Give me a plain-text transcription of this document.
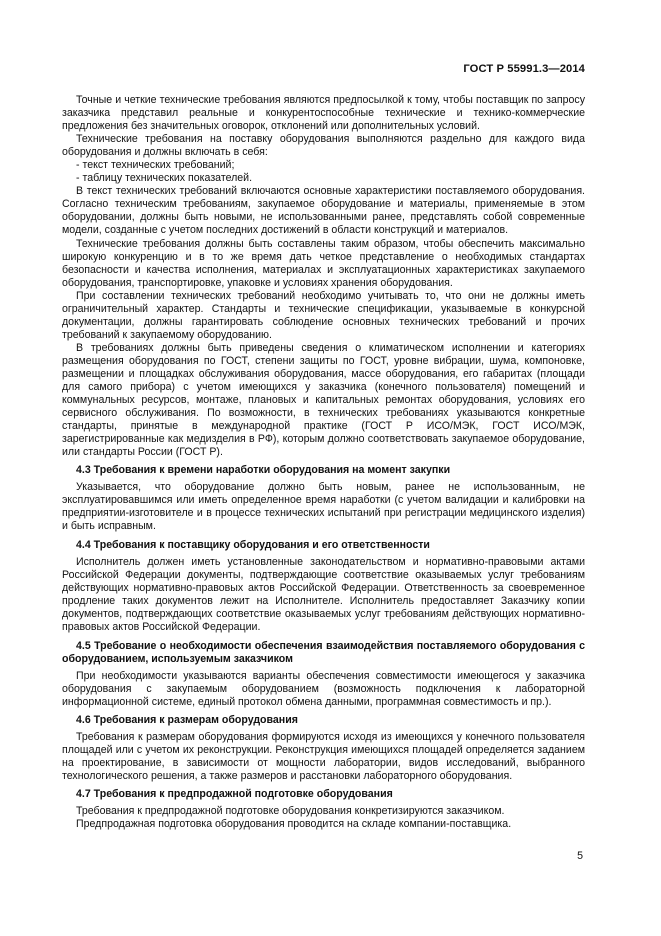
ГОСТ Р 55991.3—2014

Точные и четкие технические требования являются предпосылкой к тому, чтобы поставщик по запросу заказчика представил реальные и конкурентоспособные технические и технико-коммерческие предложения без значительных оговорок, отклонений или дополнительных условий.

Технические требования на поставку оборудования выполняются раздельно для каждого вида оборудования и должны включать в себя:

- текст технических требований;

- таблицу технических показателей.

В текст технических требований включаются основные характеристики поставляемого оборудования. Согласно техническим требованиям, закупаемое оборудование и материалы, применяемые в этом оборудовании, должны быть новыми, не использованными ранее, представлять собой современные модели, созданные с учетом последних достижений в области конструкций и материалов.

Технические требования должны быть составлены таким образом, чтобы обеспечить максимально широкую конкуренцию и в то же время дать четкое представление о необходимых стандартах безопасности и качества исполнения, материалах и эксплуатационных характеристиках закупаемого оборудования, транспортировке, упаковке и условиях хранения оборудования.

При составлении технических требований необходимо учитывать то, что они не должны иметь ограничительный характер. Стандарты и технические спецификации, указываемые в конкурсной документации, должны гарантировать соблюдение основных технических требований и прочих требований к закупаемому оборудованию.

В требованиях должны быть приведены сведения о климатическом исполнении и категориях размещения оборудования по ГОСТ, степени защиты по ГОСТ, уровне вибрации, шума, компоновке, размещении и площадках обслуживания оборудования, массе оборудования, его габаритах (площади для самого прибора) с учетом имеющихся у заказчика (конечного пользователя) помещений и коммунальных ресурсов, монтаже, плановых и капитальных ремонтах оборудования, условиях его сервисного обслуживания. По возможности, в технических требованиях указываются конкретные стандарты, принятые в международной практике (ГОСТ Р ИСО/МЭК, ГОСТ ИСО/МЭК, зарегистрированные как медизделия в РФ), которым должно соответствовать закупаемое оборудование, или стандарты России (ГОСТ Р).

4.3 Требования к времени наработки оборудования на момент закупки

Указывается, что оборудование должно быть новым, ранее не использованным, не эксплуатировавшимся или иметь определенное время наработки (с учетом валидации и калибровки на предприятии-изготовителе и в процессе технических испытаний при регистрации медицинского изделия) и быть исправным.

4.4 Требования к поставщику оборудования и его ответственности

Исполнитель должен иметь установленные законодательством и нормативно-правовыми актами Российской Федерации документы, подтверждающие соответствие оказываемых услуг требованиям действующих нормативно-правовых актов Российской Федерации. Ответственность за своевременное продление таких документов лежит на Исполнителе. Исполнитель предоставляет Заказчику копии документов, подтверждающих соответствие оказываемых услуг требованиям действующих нормативно-правовых актов Российской Федерации.

4.5 Требование о необходимости обеспечения взаимодействия поставляемого оборудования с оборудованием, используемым заказчиком

При необходимости указываются варианты обеспечения совместимости имеющегося у заказчика оборудования с закупаемым оборудованием (возможность подключения к лабораторной информационной системе, единый протокол обмена данными, программная совместимость и пр.).

4.6 Требования к размерам оборудования

Требования к размерам оборудования формируются исходя из имеющихся у конечного пользователя площадей или с учетом их реконструкции. Реконструкция имеющихся площадей определяется заданием на проектирование, в зависимости от мощности лаборатории, видов исследований, выбранного технологического решения, а также размеров и расстановки лабораторного оборудования.

4.7 Требования к предпродажной подготовке оборудования

Требования к предпродажной подготовке оборудования конкретизируются заказчиком.

Предпродажная подготовка оборудования проводится на складе компании-поставщика.

5
